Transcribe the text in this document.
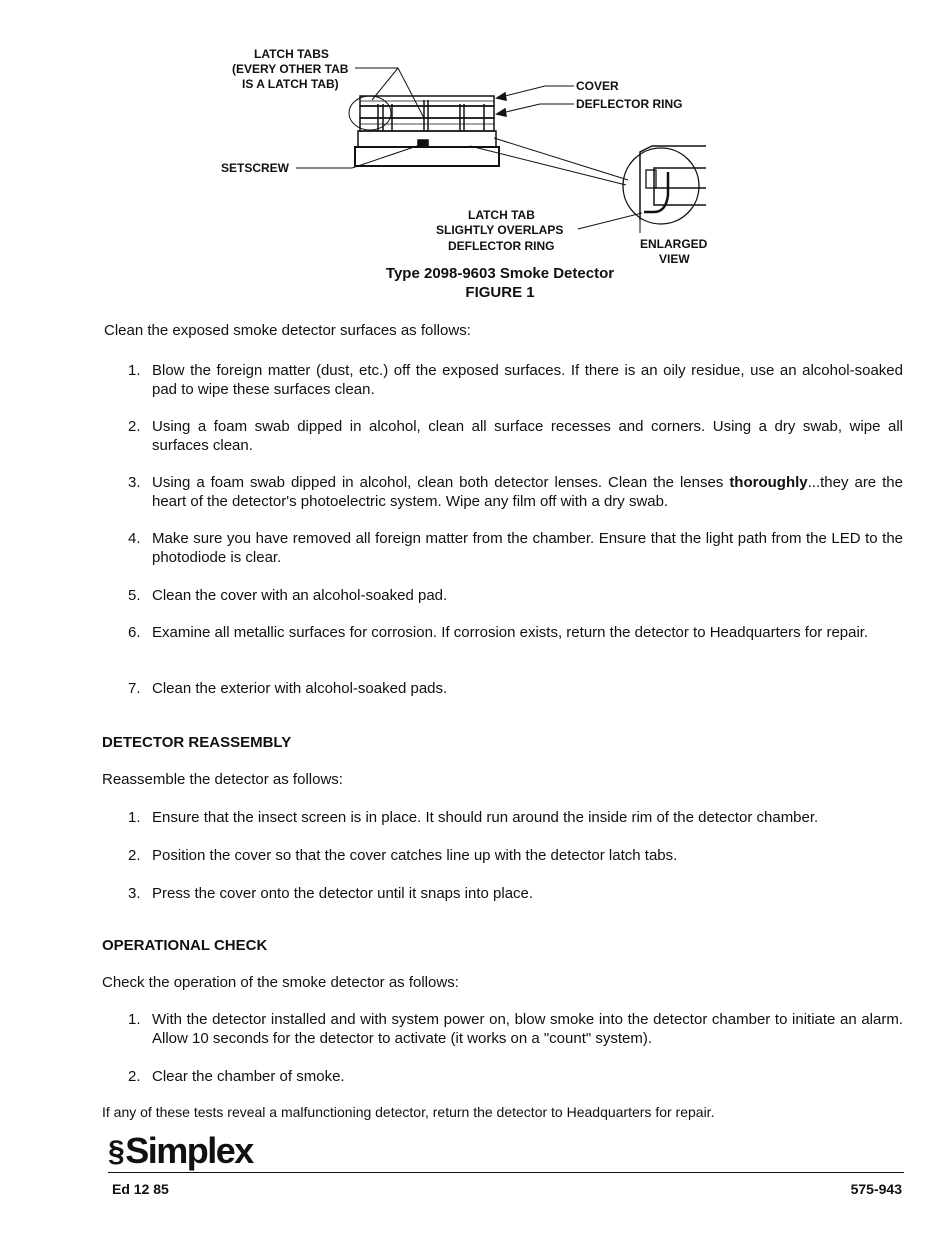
LATCH TABS
(EVERY OTHER TAB
IS A LATCH TAB)	COVER
DEFLECTOR RING
SETSCREW
LATCH TAB
SLIGHTLY OVERLAPS
DEFLECTOR RING	ENLARGED
VIEW
Type 2098-9603 Smoke Detector
FIGURE 1
Clean the exposed smoke detector surfaces as follows:
1. Blow the foreign matter (dust, etc.) off the exposed surfaces. If there is an oily residue, use an alcohol-soaked pad to wipe these surfaces clean.
2. Using a foam swab dipped in alcohol, clean all surface recesses and corners. Using a dry swab, wipe all surfaces clean.
3. Using a foam swab dipped in alcohol, clean both detector lenses. Clean the lenses thoroughly...they are the heart of the detector's photoelectric system. Wipe any film off with a dry swab.
4. Make sure you have removed all foreign matter from the chamber. Ensure that the light path from the LED to the photodiode is clear.
5. Clean the cover with an alcohol-soaked pad.
6. Examine all metallic surfaces for corrosion. If corrosion exists, return the detector to Headquarters for repair.
7. Clean the exterior with alcohol-soaked pads.
DETECTOR REASSEMBLY
Reassemble the detector as follows:
1. Ensure that the insect screen is in place. It should run around the inside rim of the detector chamber.
2. Position the cover so that the cover catches line up with the detector latch tabs.
3. Press the cover onto the detector until it snaps into place.
OPERATIONAL CHECK
Check the operation of the smoke detector as follows:
1. With the detector installed and with system power on, blow smoke into the detector chamber to initiate an alarm. Allow 10 seconds for the detector to activate (it works on a "count" system).
2. Clear the chamber of smoke.
If any of these tests reveal a malfunctioning detector, return the detector to Headquarters for repair.
§Simplex
Ed 12 85	575-943
